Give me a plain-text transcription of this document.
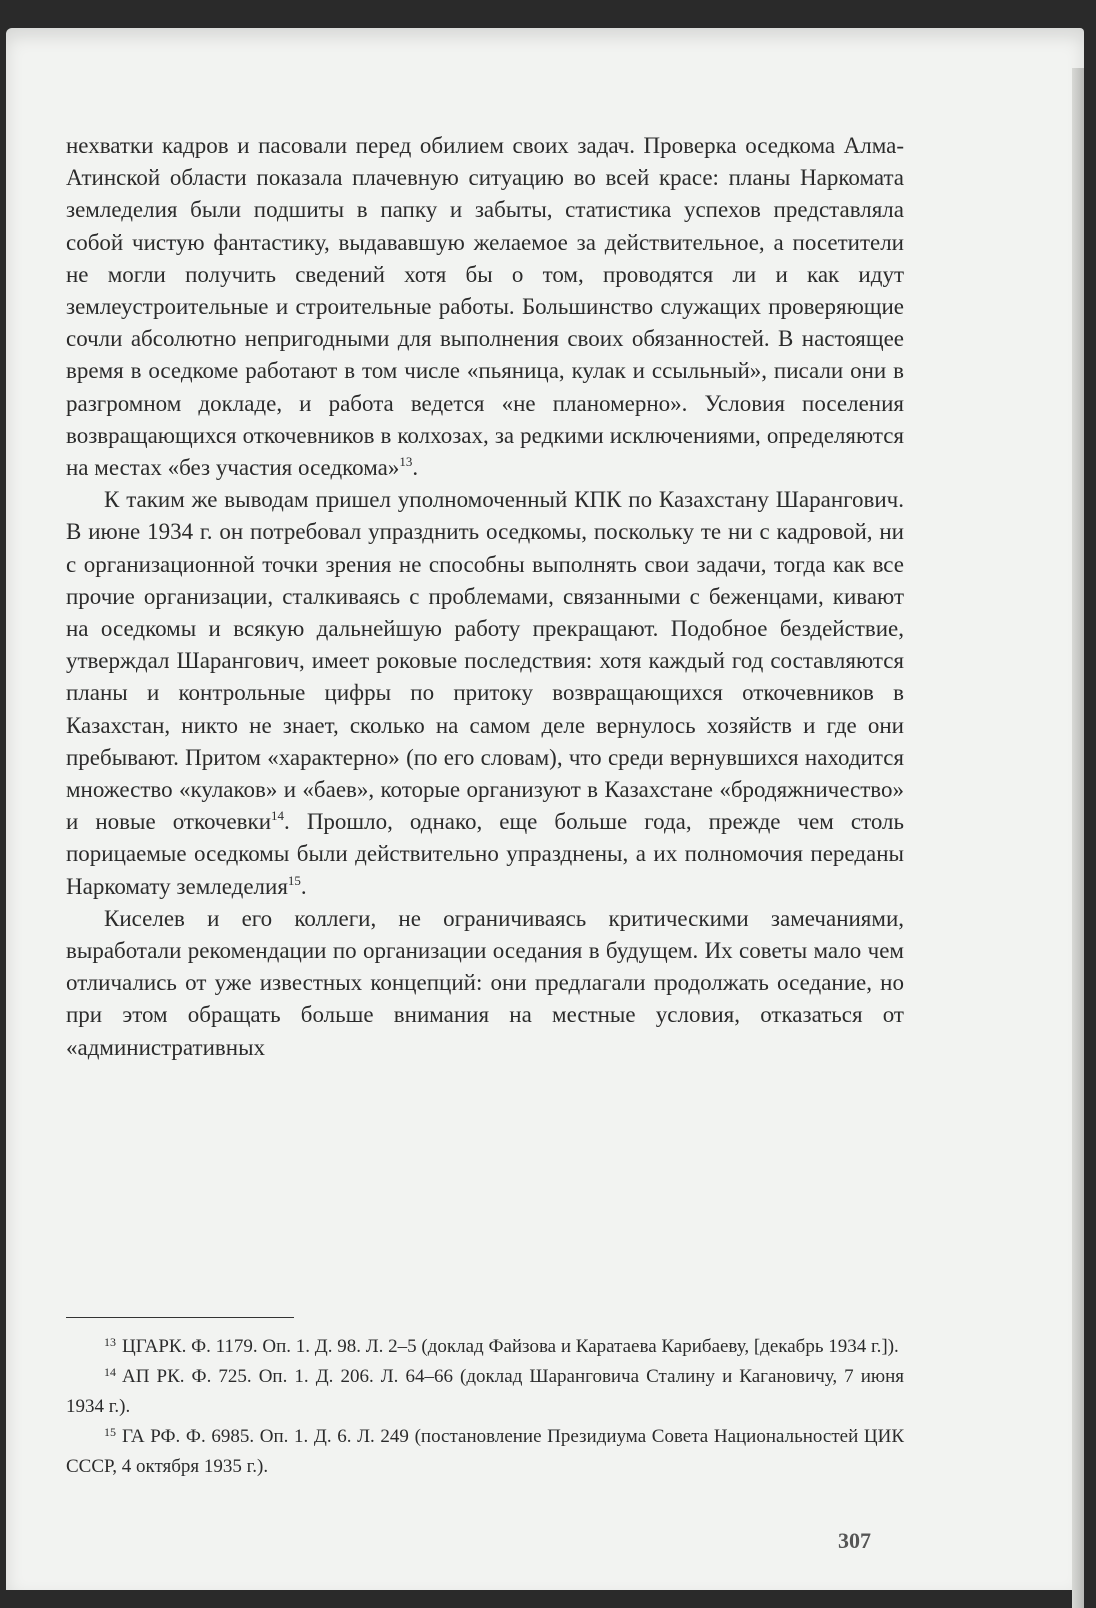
нехватки кадров и пасовали перед обилием своих задач. Проверка оседкома Алма-Атинской области показала плачевную ситуацию во всей красе: планы Наркомата земледелия были подшиты в папку и забыты, статистика успехов представляла собой чистую фантастику, выдававшую желаемое за действительное, а посетители не могли получить сведений хотя бы о том, проводятся ли и как идут землеустроительные и строительные работы. Большинство служащих проверяющие сочли абсолютно непригодными для выполнения своих обязанностей. В настоящее время в оседкоме работают в том числе «пьяница, кулак и ссыльный», писали они в разгромном докладе, и работа ведется «не планомерно». Условия поселения возвращающихся откочевников в колхозах, за редкими исключениями, определяются на местах «без участия оседкома»$^{13}$.

К таким же выводам пришел уполномоченный КПК по Казахстану Шарангович. В июне 1934 г. он потребовал упразднить оседкомы, поскольку те ни с кадровой, ни с организационной точки зрения не способны выполнять свои задачи, тогда как все прочие организации, сталкиваясь с проблемами, связанными с беженцами, кивают на оседкомы и всякую дальнейшую работу прекращают. Подобное бездействие, утверждал Шарангович, имеет роковые последствия: хотя каждый год составляются планы и контрольные цифры по притоку возвращающихся откочевников в Казахстан, никто не знает, сколько на самом деле вернулось хозяйств и где они пребывают. Притом «характерно» (по его словам), что среди вернувшихся находится множество «кулаков» и «баев», которые организуют в Казахстане «бродяжничество» и новые откочевки$^{14}$. Прошло, однако, еще больше года, прежде чем столь порицаемые оседкомы были действительно упразднены, а их полномочия переданы Наркомату земледелия$^{15}$.

Киселев и его коллеги, не ограничиваясь критическими замечаниями, выработали рекомендации по организации оседания в будущем. Их советы мало чем отличались от уже известных концепций: они предлагали продолжать оседание, но при этом обращать больше внимания на местные условия, отказаться от «административных

$^{13}$ ЦГАРК. Ф. 1179. Оп. 1. Д. 98. Л. 2–5 (доклад Файзова и Каратаева Карибаеву, [декабрь 1934 г.]).

$^{14}$ АП РК. Ф. 725. Оп. 1. Д. 206. Л. 64–66 (доклад Шаранговича Сталину и Кагановичу, 7 июня 1934 г.).

$^{15}$ ГА РФ. Ф. 6985. Оп. 1. Д. 6. Л. 249 (постановление Президиума Совета Национальностей ЦИК СССР, 4 октября 1935 г.).

307
